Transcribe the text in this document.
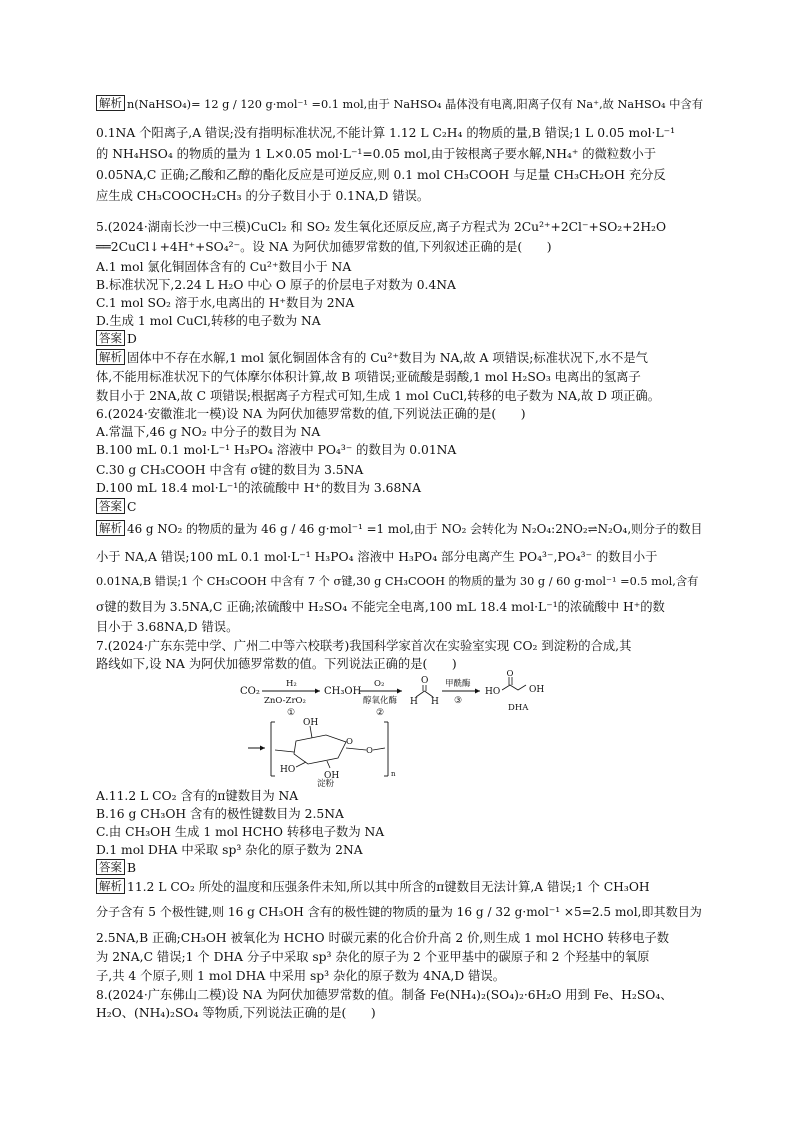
解析 n(NaHSO₄)= 12 g / 120 g·mol⁻¹ =0.1 mol,由于 NaHSO₄ 晶体没有电离,阳离子仅有 Na⁺,故 NaHSO₄ 中含有
0.1NA 个阳离子,A 错误;没有指明标准状况,不能计算 1.12 L C₂H₄ 的物质的量,B 错误;1 L 0.05 mol·L⁻¹
的 NH₄HSO₄ 的物质的量为 1 L×0.05 mol·L⁻¹=0.05 mol,由于铵根离子要水解,NH₄⁺ 的微粒数小于
0.05NA,C 正确;乙酸和乙醇的酯化反应是可逆反应,则 0.1 mol CH₃COOH 与足量 CH₃CH₂OH 充分反
应生成 CH₃COOCH₂CH₃ 的分子数目小于 0.1NA,D 错误。
5.(2024·湖南长沙一中三模)CuCl₂ 和 SO₂ 发生氧化还原反应,离子方程式为 2Cu²⁺+2Cl⁻+SO₂+2H₂O
══2CuCl↓+4H⁺+SO₄²⁻。设 NA 为阿伏加德罗常数的值,下列叙述正确的是(　　)
A.1 mol 氯化铜固体含有的 Cu²⁺数目小于 NA
B.标准状况下,2.24 L H₂O 中心 O 原子的价层电子对数为 0.4NA
C.1 mol SO₂ 溶于水,电离出的 H⁺数目为 2NA
D.生成 1 mol CuCl,转移的电子数为 NA
答案 D
解析 固体中不存在水解,1 mol 氯化铜固体含有的 Cu²⁺数目为 NA,故 A 项错误;标准状况下,水不是气
体,不能用标准状况下的气体摩尔体积计算,故 B 项错误;亚硫酸是弱酸,1 mol H₂SO₃ 电离出的氢离子
数目小于 2NA,故 C 项错误;根据离子方程式可知,生成 1 mol CuCl,转移的电子数为 NA,故 D 项正确。
6.(2024·安徽淮北一模)设 NA 为阿伏加德罗常数的值,下列说法正确的是(　　)
A.常温下,46 g NO₂ 中分子的数目为 NA
B.100 mL 0.1 mol·L⁻¹ H₃PO₄ 溶液中 PO₄³⁻ 的数目为 0.01NA
C.30 g CH₃COOH 中含有 σ键的数目为 3.5NA
D.100 mL 18.4 mol·L⁻¹的浓硫酸中 H⁺的数目为 3.68NA
答案 C
解析 46 g NO₂ 的物质的量为 46 g / 46 g·mol⁻¹ =1 mol,由于 NO₂ 会转化为 N₂O₄:2NO₂⇌N₂O₄,则分子的数目
小于 NA,A 错误;100 mL 0.1 mol·L⁻¹ H₃PO₄ 溶液中 H₃PO₄ 部分电离产生 PO₄³⁻,PO₄³⁻ 的数目小于
0.01NA,B 错误;1 个 CH₃COOH 中含有 7 个 σ键,30 g CH₃COOH 的物质的量为 30 g / 60 g·mol⁻¹ =0.5 mol,含有
σ键的数目为 3.5NA,C 正确;浓硫酸中 H₂SO₄ 不能完全电离,100 mL 18.4 mol·L⁻¹的浓硫酸中 H⁺的数
目小于 3.68NA,D 错误。
7.(2024·广东东莞中学、广州二中等六校联考)我国科学家首次在实验室实现 CO₂ 到淀粉的合成,其
路线如下,设 NA 为阿伏加德罗常数的值。下列说法正确的是(　　)
A.11.2 L CO₂ 含有的π键数目为 NA
B.16 g CH₃OH 含有的极性键数目为 2.5NA
C.由 CH₃OH 生成 1 mol HCHO 转移电子数为 NA
D.1 mol DHA 中采取 sp³ 杂化的原子数为 2NA
答案 B
解析 11.2 L CO₂ 所处的温度和压强条件未知,所以其中所含的π键数目无法计算,A 错误;1 个 CH₃OH
分子含有 5 个极性键,则 16 g CH₃OH 含有的极性键的物质的量为 16 g / 32 g·mol⁻¹ ×5=2.5 mol,即其数目为
2.5NA,B 正确;CH₃OH 被氧化为 HCHO 时碳元素的化合价升高 2 价,则生成 1 mol HCHO 转移电子数
为 2NA,C 错误;1 个 DHA 分子中采取 sp³ 杂化的原子为 2 个亚甲基中的碳原子和 2 个羟基中的氧原
子,共 4 个原子,则 1 mol DHA 中采用 sp³ 杂化的原子数为 4NA,D 错误。
8.(2024·广东佛山二模)设 NA 为阿伏加德罗常数的值。制备 Fe(NH₄)₂(SO₄)₂·6H₂O 用到 Fe、H₂SO₄、
H₂O、(NH₄)₂SO₄ 等物质,下列说法正确的是(　　)
CO₂
H₂
ZnO-ZrO₂
①
CH₃OH
O₂
醇氧化酶
②
O
H H
甲酰酶
③
HO
O
OH
DHA
n
OH
HO
OH
O
O
淀粉
